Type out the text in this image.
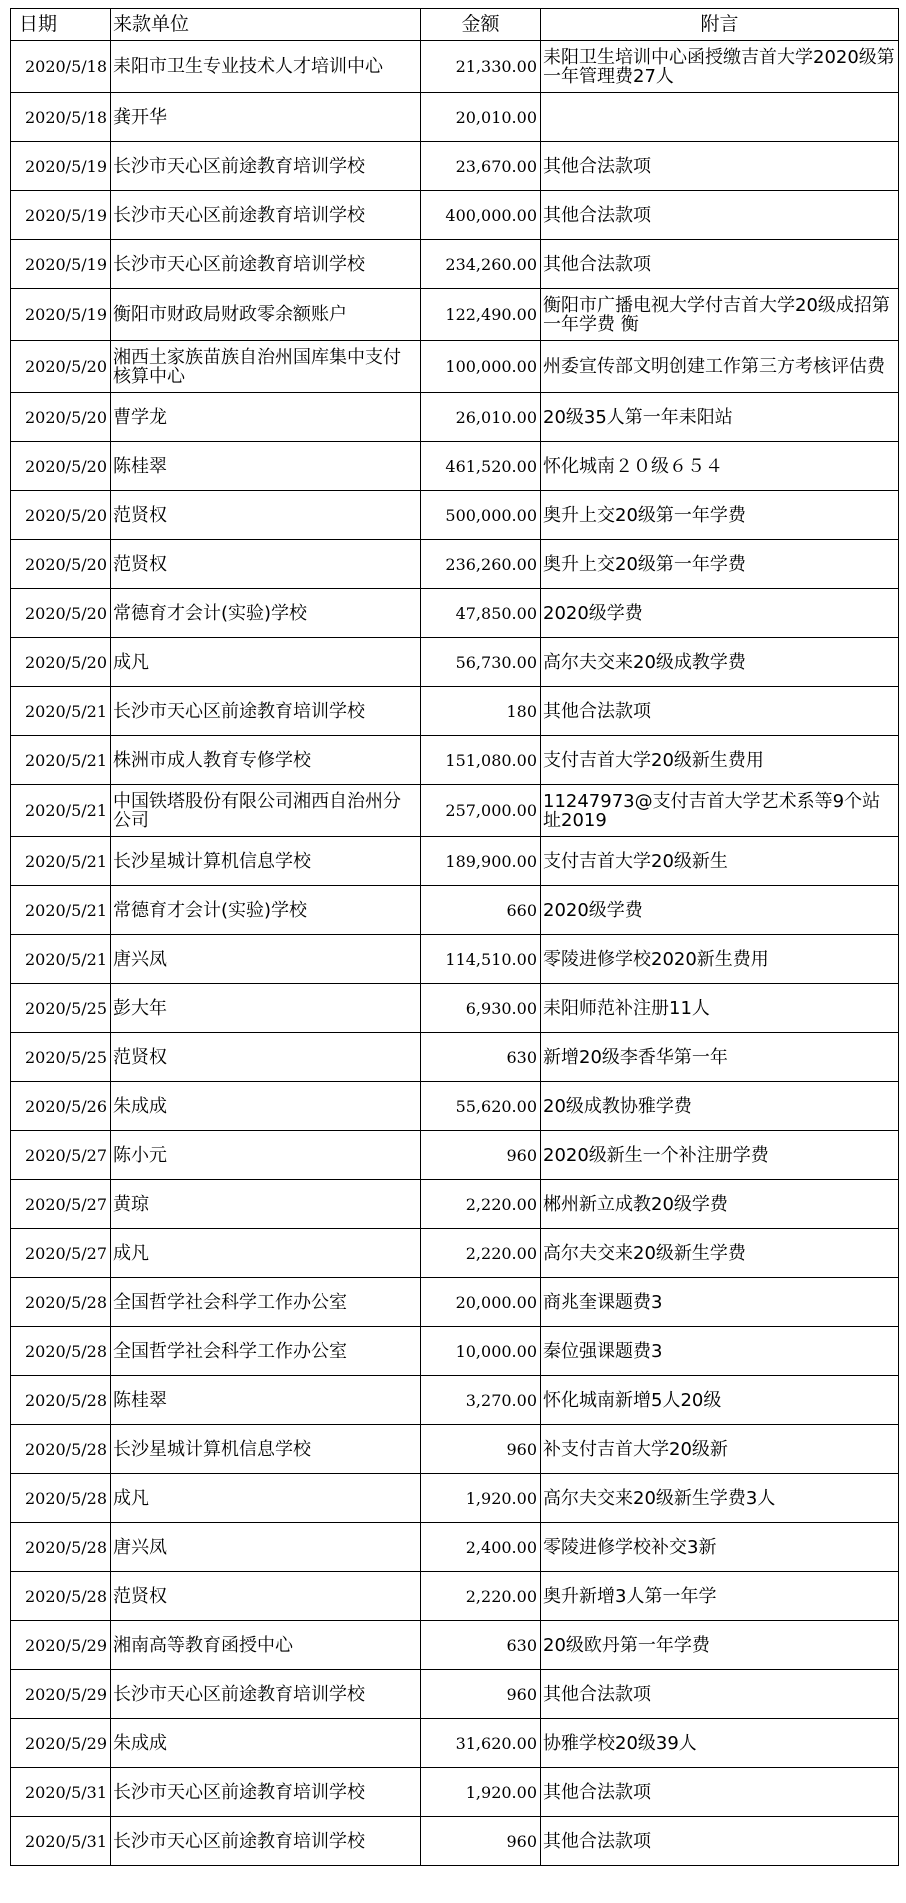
日期	来款单位	金额	附言
2020/5/18	耒阳市卫生专业技术人才培训中心	21,330.00	耒阳卫生培训中心函授缴吉首大学2020级第一年管理费27人
2020/5/18	龚开华	20,010.00	
2020/5/19	长沙市天心区前途教育培训学校	23,670.00	其他合法款项
2020/5/19	长沙市天心区前途教育培训学校	400,000.00	其他合法款项
2020/5/19	长沙市天心区前途教育培训学校	234,260.00	其他合法款项
2020/5/19	衡阳市财政局财政零余额账户	122,490.00	衡阳市广播电视大学付吉首大学20级成招第一年学费 衡
2020/5/20	湘西土家族苗族自治州国库集中支付核算中心	100,000.00	州委宣传部文明创建工作第三方考核评估费
2020/5/20	曹学龙	26,010.00	20级35人第一年耒阳站
2020/5/20	陈桂翠	461,520.00	怀化城南２０级６５４
2020/5/20	范贤权	500,000.00	奥升上交20级第一年学费
2020/5/20	范贤权	236,260.00	奥升上交20级第一年学费
2020/5/20	常德育才会计(实验)学校	47,850.00	2020级学费
2020/5/20	成凡	56,730.00	高尔夫交来20级成教学费
2020/5/21	长沙市天心区前途教育培训学校	180	其他合法款项
2020/5/21	株洲市成人教育专修学校	151,080.00	支付吉首大学20级新生费用
2020/5/21	中国铁塔股份有限公司湘西自治州分公司	257,000.00	11247973@支付吉首大学艺术系等9个站址2019
2020/5/21	长沙星城计算机信息学校	189,900.00	支付吉首大学20级新生
2020/5/21	常德育才会计(实验)学校	660	2020级学费
2020/5/21	唐兴凤	114,510.00	零陵进修学校2020新生费用
2020/5/25	彭大年	6,930.00	耒阳师范补注册11人
2020/5/25	范贤权	630	新增20级李香华第一年
2020/5/26	朱成成	55,620.00	20级成教协雅学费
2020/5/27	陈小元	960	2020级新生一个补注册学费
2020/5/27	黄琼	2,220.00	郴州新立成教20级学费
2020/5/27	成凡	2,220.00	高尔夫交来20级新生学费
2020/5/28	全国哲学社会科学工作办公室	20,000.00	商兆奎课题费3
2020/5/28	全国哲学社会科学工作办公室	10,000.00	秦位强课题费3
2020/5/28	陈桂翠	3,270.00	怀化城南新增5人20级
2020/5/28	长沙星城计算机信息学校	960	补支付吉首大学20级新
2020/5/28	成凡	1,920.00	高尔夫交来20级新生学费3人
2020/5/28	唐兴凤	2,400.00	零陵进修学校补交3新
2020/5/28	范贤权	2,220.00	奥升新增3人第一年学
2020/5/29	湘南高等教育函授中心	630	20级欧丹第一年学费
2020/5/29	长沙市天心区前途教育培训学校	960	其他合法款项
2020/5/29	朱成成	31,620.00	协雅学校20级39人
2020/5/31	长沙市天心区前途教育培训学校	1,920.00	其他合法款项
2020/5/31	长沙市天心区前途教育培训学校	960	其他合法款项
